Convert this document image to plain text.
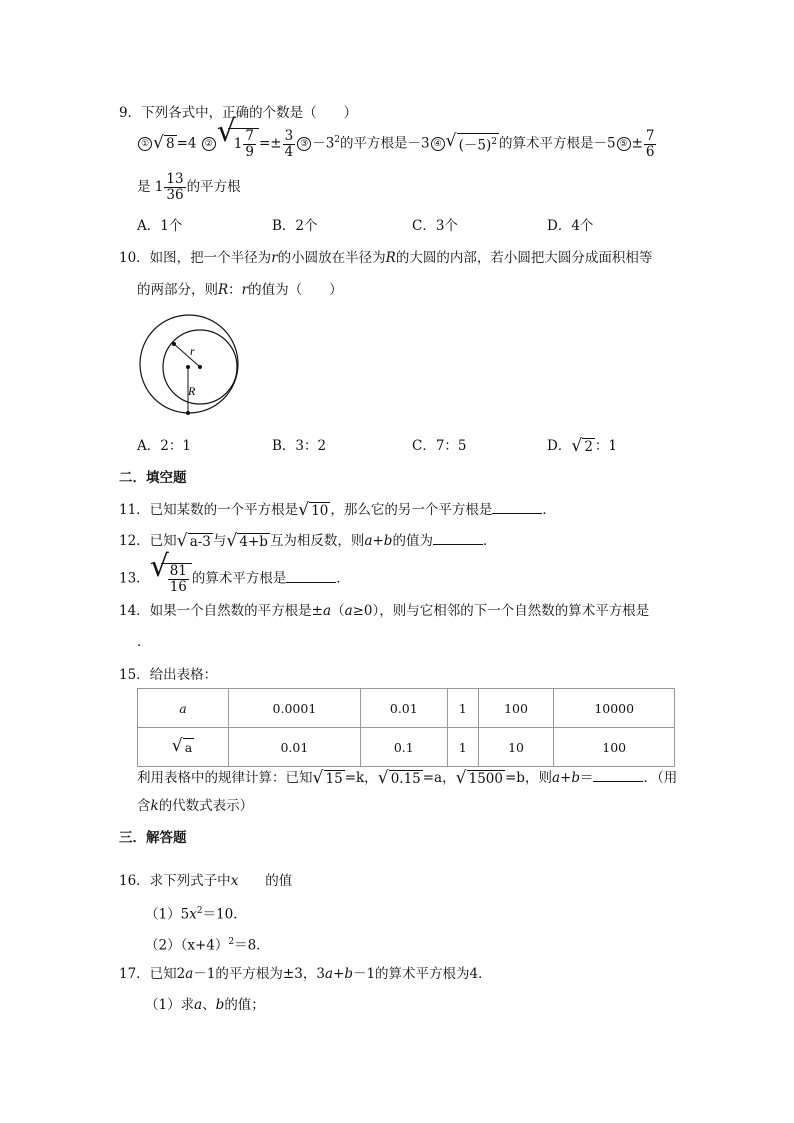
9．下列各式中，正确的个数是（　　）
① √ 8 =4 ② √
$1 \frac{7}{9} =\pm \frac{3}{4}$ ③ $-3^2$的平方根是－3 ④ √ $(-5)^2$ 的算术平方根是－5 ⑤ ± $\frac{7}{6}$
是 $1 \frac{13}{36}$ 的平方根
A．1个	B．2个	C．3个	D．4个
10．如图，把一个半径为r的小圆放在半径为R的大圆的内部，若小圆把大圆分成面积相等
的两部分，则R：r的值为（　　）
r
R
A．2：1	B．3：2	C．7：5	D． √ 2 ：1
二．填空题
11．已知某数的一个平方根是 √ 10 ，那么它的另一个平方根是	．
12．已知 √ a-3 与 √ 4+b 互为相反数，则a+b的值为	．
13． √
$\frac{81}{16}$ 的算术平方根是	．
14．如果一个自然数的平方根是±a（a≥0），则与它相邻的下一个自然数的算术平方根是
．
15．给出表格：
a	0.0001	0.01	1	100	10000

√ a	0.01	0.1	1	10	100
利用表格中的规律计算：已知 √ 15 =k， √ 0.15 =a， √ 1500 =b，则a+b＝	．（用
含k的代数式表示）
三．解答题
16．求下列式子中x　　的值
$(1)5x^2=10$．
$(2)(x+4)^2=8$．
17．已知2a－1的平方根为±3，3a+b－1的算术平方根为4．
（1）求a、b的值；
